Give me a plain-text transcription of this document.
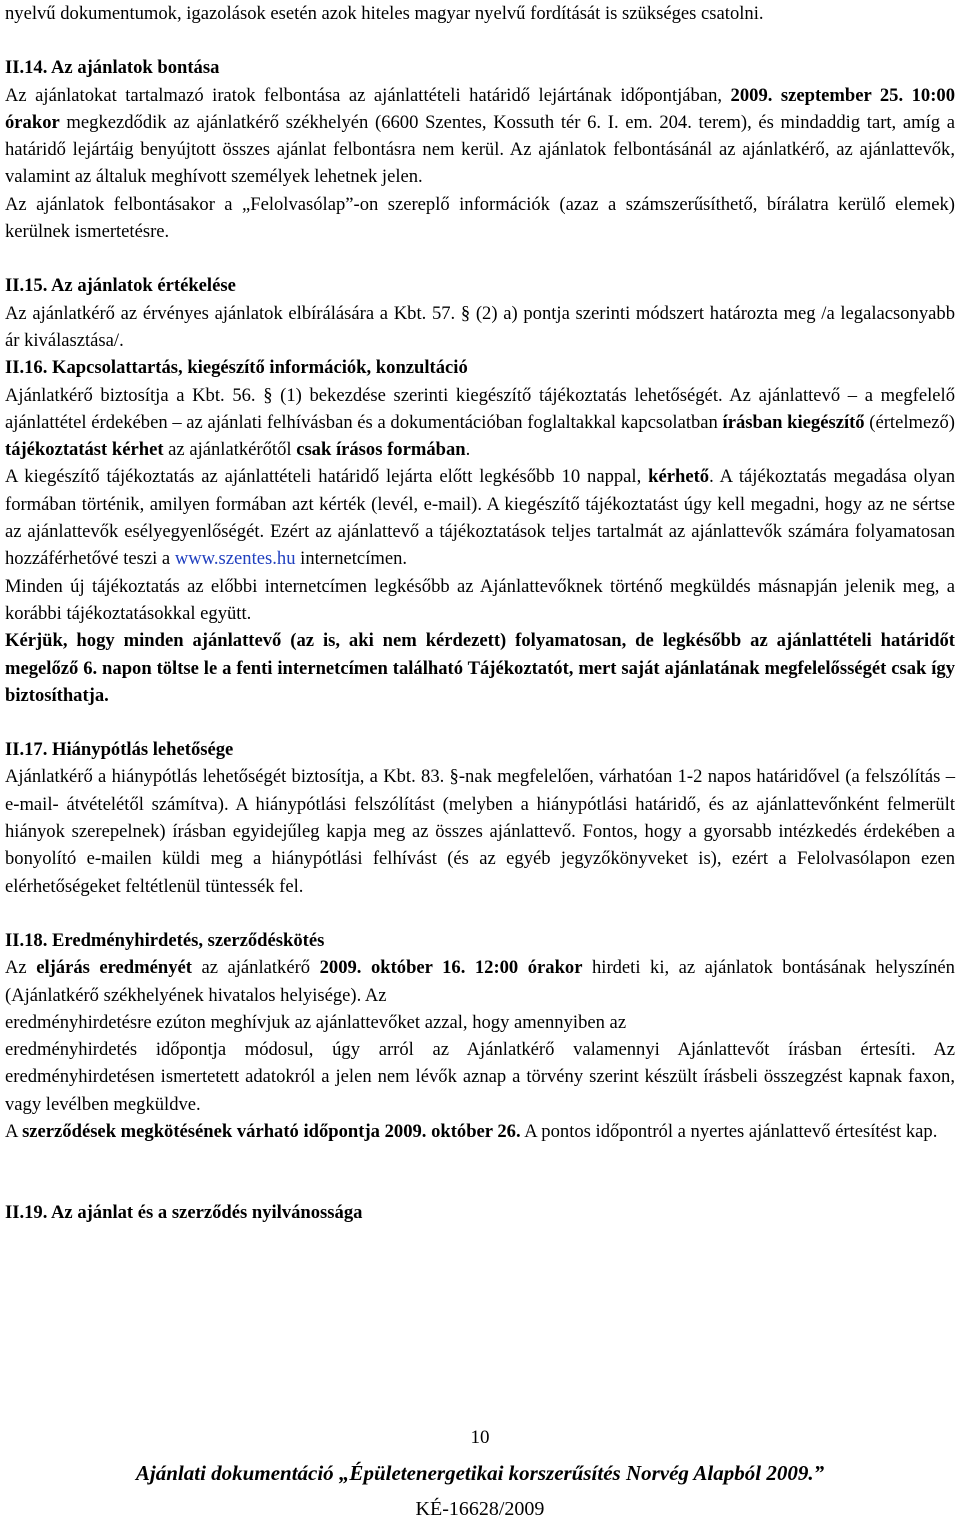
nyelvű dokumentumok, igazolások esetén azok hiteles magyar nyelvű fordítását is szükséges csatolni.

II.14. Az ajánlatok bontása

Az ajánlatokat tartalmazó iratok felbontása az ajánlattételi határidő lejártának időpontjában, 2009. szeptember 25. 10:00 órakor megkezdődik az ajánlatkérő székhelyén (6600 Szentes, Kossuth tér 6. I. em. 204. terem), és mindaddig tart, amíg a határidő lejártáig benyújtott összes ajánlat felbontásra nem kerül. Az ajánlatok felbontásánál az ajánlatkérő, az ajánlattevők, valamint az általuk meghívott személyek lehetnek jelen.

Az ajánlatok felbontásakor a „Felolvasólap”-on szereplő információk (azaz a számszerűsíthető, bírálatra kerülő elemek) kerülnek ismertetésre.

II.15. Az ajánlatok értékelése

Az ajánlatkérő az érvényes ajánlatok elbírálására a Kbt. 57. § (2) a) pontja szerinti módszert határozta meg /a legalacsonyabb ár kiválasztása/.

II.16. Kapcsolattartás, kiegészítő információk, konzultáció

Ajánlatkérő biztosítja a Kbt. 56. § (1) bekezdése szerinti kiegészítő tájékoztatás lehetőségét. Az ajánlattevő – a megfelelő ajánlattétel érdekében – az ajánlati felhívásban és a dokumentációban foglaltakkal kapcsolatban írásban kiegészítő (értelmező) tájékoztatást kérhet az ajánlatkérőtől csak írásos formában.

A kiegészítő tájékoztatás az ajánlattételi határidő lejárta előtt legkésőbb 10 nappal, kérhető. A tájékoztatás megadása olyan formában történik, amilyen formában azt kérték (levél, e-mail). A kiegészítő tájékoztatást úgy kell megadni, hogy az ne sértse az ajánlattevők esélyegyenlőségét. Ezért az ajánlattevő a tájékoztatások teljes tartalmát az ajánlattevők számára folyamatosan hozzáférhetővé teszi a www.szentes.hu internetcímen.

Minden új tájékoztatás az előbbi internetcímen legkésőbb az Ajánlattevőknek történő megküldés másnapján jelenik meg, a korábbi tájékoztatásokkal együtt.

Kérjük, hogy minden ajánlattevő (az is, aki nem kérdezett) folyamatosan, de legkésőbb az ajánlattételi határidőt megelőző 6. napon töltse le a fenti internetcímen található Tájékoztatót, mert saját ajánlatának megfelelősségét csak így biztosíthatja.

II.17. Hiánypótlás lehetősége

Ajánlatkérő a hiánypótlás lehetőségét biztosítja, a Kbt. 83. §-nak megfelelően, várhatóan 1-2 napos határidővel (a felszólítás –e-mail- átvételétől számítva). A hiánypótlási felszólítást (melyben a hiánypótlási határidő, és az ajánlattevőnként felmerült hiányok szerepelnek) írásban egyidejűleg kapja meg az összes ajánlattevő. Fontos, hogy a gyorsabb intézkedés érdekében a bonyolító e-mailen küldi meg a hiánypótlási felhívást (és az egyéb jegyzőkönyveket is), ezért a Felolvasólapon ezen elérhetőségeket feltétlenül tüntessék fel.

II.18. Eredményhirdetés, szerződéskötés

Az eljárás eredményét az ajánlatkérő 2009. október 16. 12:00 órakor hirdeti ki, az ajánlatok bontásának helyszínén (Ajánlatkérő székhelyének hivatalos helyisége). Az

eredményhirdetésre ezúton meghívjuk az ajánlattevőket azzal, hogy amennyiben az

eredményhirdetés időpontja módosul, úgy arról az Ajánlatkérő valamennyi Ajánlattevőt írásban értesíti. Az eredményhirdetésen ismertetett adatokról a jelen nem lévők aznap a törvény szerint készült írásbeli összegzést kapnak faxon, vagy levélben megküldve.

A szerződések megkötésének várható időpontja 2009. október 26. A pontos időpontról a nyertes ajánlattevő értesítést kap.

II.19. Az ajánlat és a szerződés nyilvánossága

10
Ajánlati dokumentáció „Épületenergetikai korszerűsítés Norvég Alapból 2009.”
KÉ-16628/2009
